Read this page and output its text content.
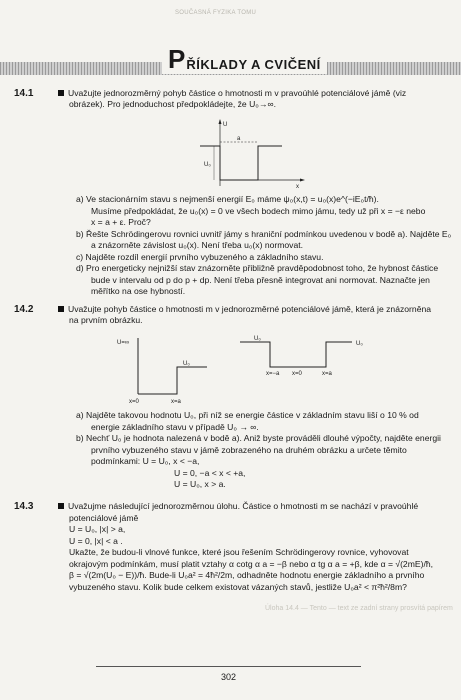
SOUČASNÁ FYZIKA TOMU
P ŘÍKLADY A CVIČENÍ
14.1	Uvažujte jednorozměrný pohyb částice o hmotnosti m v pravoúhlé potenciálové jámě (viz
obrázek). Pro jednoduchost předpokládejte, že U₀→∞.
U
x
a
U₀
a) Ve stacionárním stavu s nejmenší energií E₀ máme ψ₀(x,t) = u₀(x)e^(−iE₀t/ħ).
Musíme předpokládat, že u₀(x) = 0 ve všech bodech mimo jámu, tedy už při x = −ε nebo
x = a + ε. Proč?
b) Řešte Schrödingerovu rovnici uvnitř jámy s hraniční podmínkou uvedenou v bodě a). Najděte E₀
a znázorněte závislost u₀(x). Není třeba u₀(x) normovat.
c) Najděte rozdíl energií prvního vybuzeného a základního stavu.
d) Pro energeticky nejnižší stav znázorněte přibližně pravděpodobnost toho, že hybnost částice
bude v intervalu od p do p + dp. Není třeba přesně integrovat ani normovat. Naznačte jen
měřítko na ose hybností.
14.2	Uvažujte pohyb částice o hmotnosti m v jednorozměrné potenciálové jámě, která je znázorněna
na prvním obrázku.
U=∞
U₀
x=0	x=a
U₀
U₀
x=−a x=0	x=a
a) Najděte takovou hodnotu U₀, při níž se energie částice v základním stavu liší o 10 % od
energie základního stavu v případě U₀ → ∞.
b) Nechť U₀ je hodnota nalezená v bodě a). Aniž byste prováděli dlouhé výpočty, najděte energii
prvního vybuzeného stavu v jámě zobrazeného na druhém obrázku a určete těmito
podmínkami: U = U₀, x < −a,
U = 0, −a < x < +a,
U = U₀, x > a.
14.3	Uvažujme následující jednorozměrnou úlohu. Částice o hmotnosti m se nachází v pravoúhlé
potenciálové jámě
U = U₀, |x| > a,
U = 0, |x| < a .
Ukažte, že budou-li vlnové funkce, které jsou řešením Schrödingerovy rovnice, vyhovovat
okrajovým podmínkám, musí platit vztahy α cotg α a = −β nebo α tg α a = +β, kde α = √(2mE)/ħ,
β = √(2m(U₀ − E))/ħ. Bude-li U₀a² = 4ħ²/2m, odhadněte hodnotu energie základního a prvního
vybuzeného stavu. Kolik bude celkem existovat vázaných stavů, jestliže U₀a² < π²ħ²/8m?
Úloha 14.4 — Tento — text ze zadní strany prosvítá papírem
302
